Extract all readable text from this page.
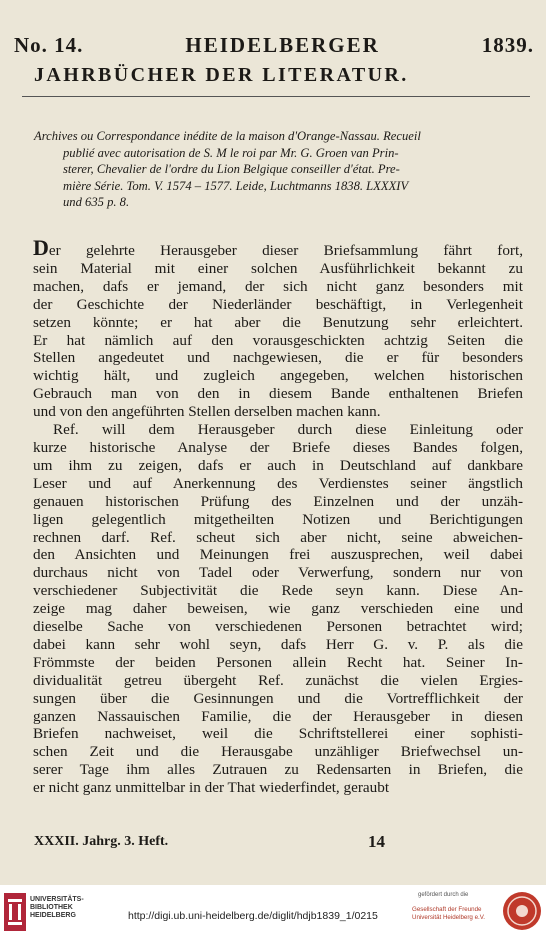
No. 14.	HEIDELBERGER	1839.
JAHRBÜCHER DER LITERATUR.

Archives ou Correspondance inédite de la maison d'Orange-Nassau. Recueil

publié avec autorisation de S. M le roi par Mr. G. Groen van Prin-

sterer, Chevalier de l'ordre du Lion Belgique conseiller d'état. Pre-

mière Série. Tom. V. 1574 – 1577. Leide, Luchtmanns 1838. LXXXIV

und 635 p. 8.

Der gelehrte Herausgeber dieser Briefsammlung fährt fort,
sein Material mit einer solchen Ausführlichkeit bekannt zu
machen, dafs er jemand, der sich nicht ganz besonders mit
der Geschichte der Niederländer beschäftigt, in Verlegenheit
setzen könnte; er hat aber die Benutzung sehr erleichtert.
Er hat nämlich auf den vorausgeschickten achtzig Seiten die
Stellen angedeutet und nachgewiesen, die er für besonders
wichtig hält, und zugleich angegeben, welchen historischen
Gebrauch man von den in diesem Bande enthaltenen Briefen
und von den angeführten Stellen derselben machen kann.
Ref. will dem Herausgeber durch diese Einleitung oder
kurze historische Analyse der Briefe dieses Bandes folgen,
um ihm zu zeigen, dafs er auch in Deutschland auf dankbare
Leser und auf Anerkennung des Verdienstes seiner ängstlich
genauen historischen Prüfung des Einzelnen und der unzäh-
ligen gelegentlich mitgetheilten Notizen und Berichtigungen
rechnen darf. Ref. scheut sich aber nicht, seine abweichen-
den Ansichten und Meinungen frei auszusprechen, weil dabei
durchaus nicht von Tadel oder Verwerfung, sondern nur von
verschiedener Subjectivität die Rede seyn kann. Diese An-
zeige mag daher beweisen, wie ganz verschieden eine und
dieselbe Sache von verschiedenen Personen betrachtet wird;
dabei kann sehr wohl seyn, dafs Herr G. v. P. als die
Frömmste der beiden Personen allein Recht hat. Seiner In-
dividualität getreu übergeht Ref. zunächst die vielen Ergies-
sungen über die Gesinnungen und die Vortrefflichkeit der
ganzen Nassauischen Familie, die der Herausgeber in diesen
Briefen nachweiset, weil die Schriftstellerei einer sophisti-
schen Zeit und die Herausgabe unzähliger Briefwechsel un-
serer Tage ihm alles Zutrauen zu Redensarten in Briefen, die
er nicht ganz unmittelbar in der That wiederfindet, geraubt
XXXII. Jahrg. 3. Heft.	14
UNIVERSITÄTS-
BIBLIOTHEK
HEIDELBERG	http://digi.ub.uni-heidelberg.de/diglit/hdjb1839_1/0215
gefördert durch die
Gesellschaft der Freunde
Universität Heidelberg e.V.
